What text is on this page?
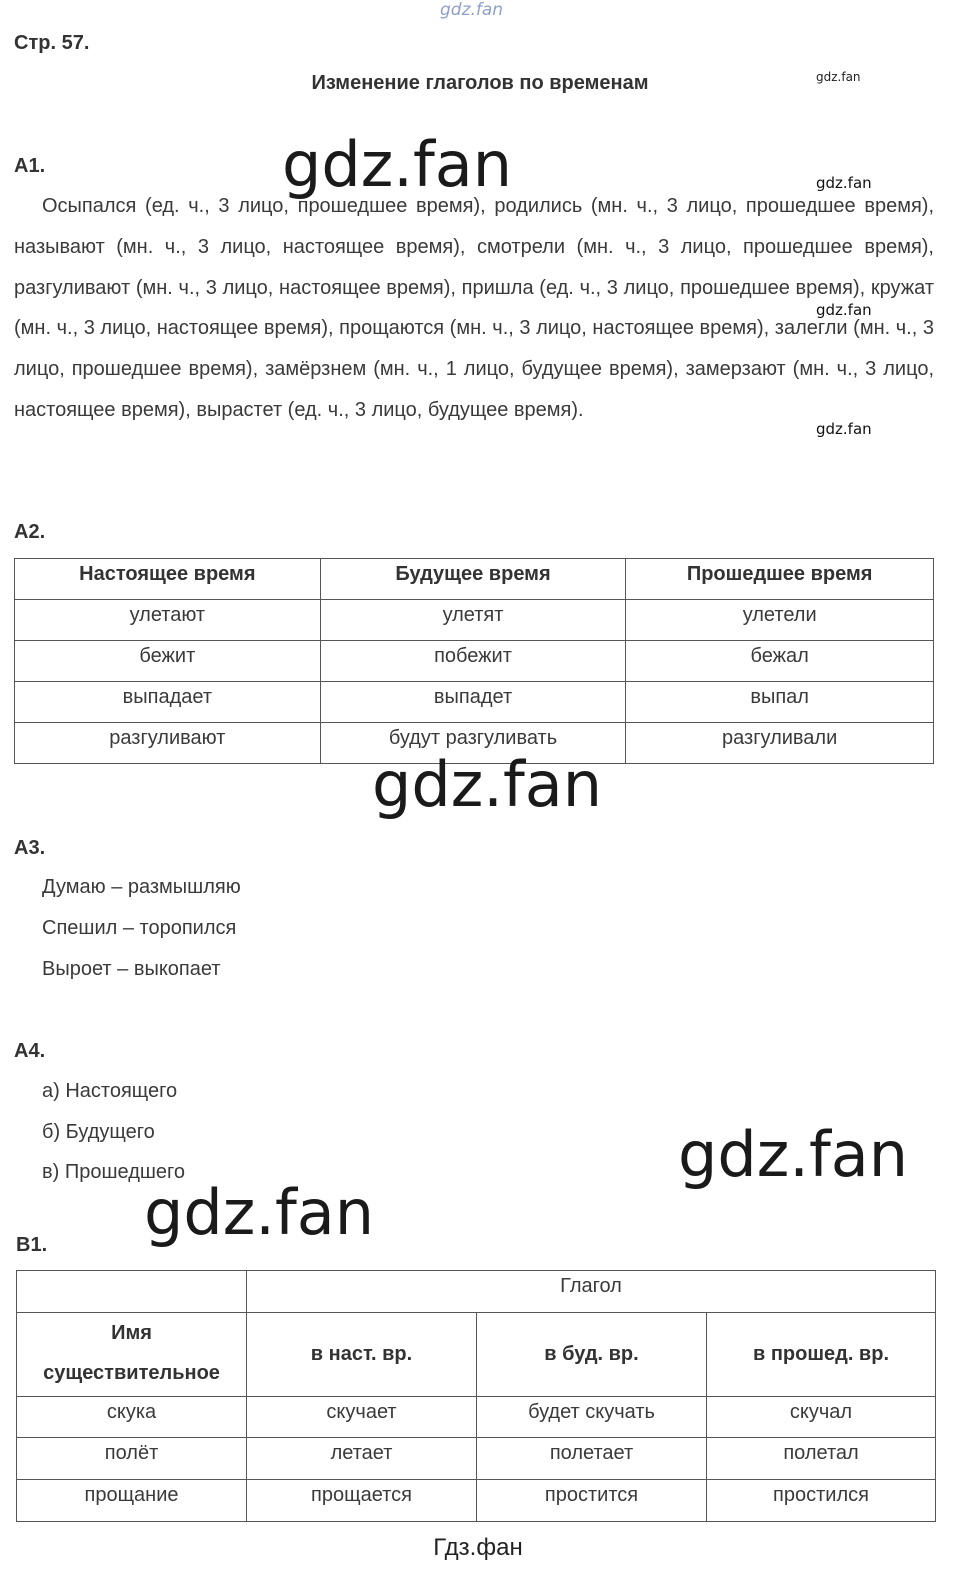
gdz.fan
Стр. 57.
Изменение глаголов по временам	gdz.fan
А1.	gdz.fan
Осыпался (ед. ч., 3 лицо, прошедшее время), родились (мн. ч., 3 лицо, прошедшее время), называют (мн. ч., 3 лицо, настоящее время), смотрели (мн. ч., 3 лицо, прошедшее время), разгуливают (мн. ч., 3 лицо, настоящее время), пришла (ед. ч., 3 лицо, прошедшее время), кружат (мн. ч., 3 лицо, настоящее время), прощаются (мн. ч., 3 лицо, настоящее время), залегли (мн. ч., 3 лицо, прошедшее время), замёрзнем (мн. ч., 1 лицо, будущее время), замерзают (мн. ч., 3 лицо, настоящее время), вырастет (ед. ч., 3 лицо, будущее время).
gdz.fan
gdz.fan
gdz.fan
А2.
Настоящее время	Будущее время	Прошедшее время
улетают	улетят	улетели
бежит	побежит	бежал
выпадает	выпадет	выпал
разгуливают	будут разгуливать	разгуливали
gdz.fan
А3.
Думаю – размышляю
Спешил – торопился
Выроет – выкопает
А4.
а) Настоящего
б) Будущего
в) Прошедшего	gdz.fan
gdz.fan
В1.
	Глагол		
Имя
существительное	в наст. вр.	в буд. вр.	в прошед. вр.
скука	скучает	будет скучать	скучал
полёт	летает	полетает	полетал
прощание	прощается	простится	простился
Гдз.фан
